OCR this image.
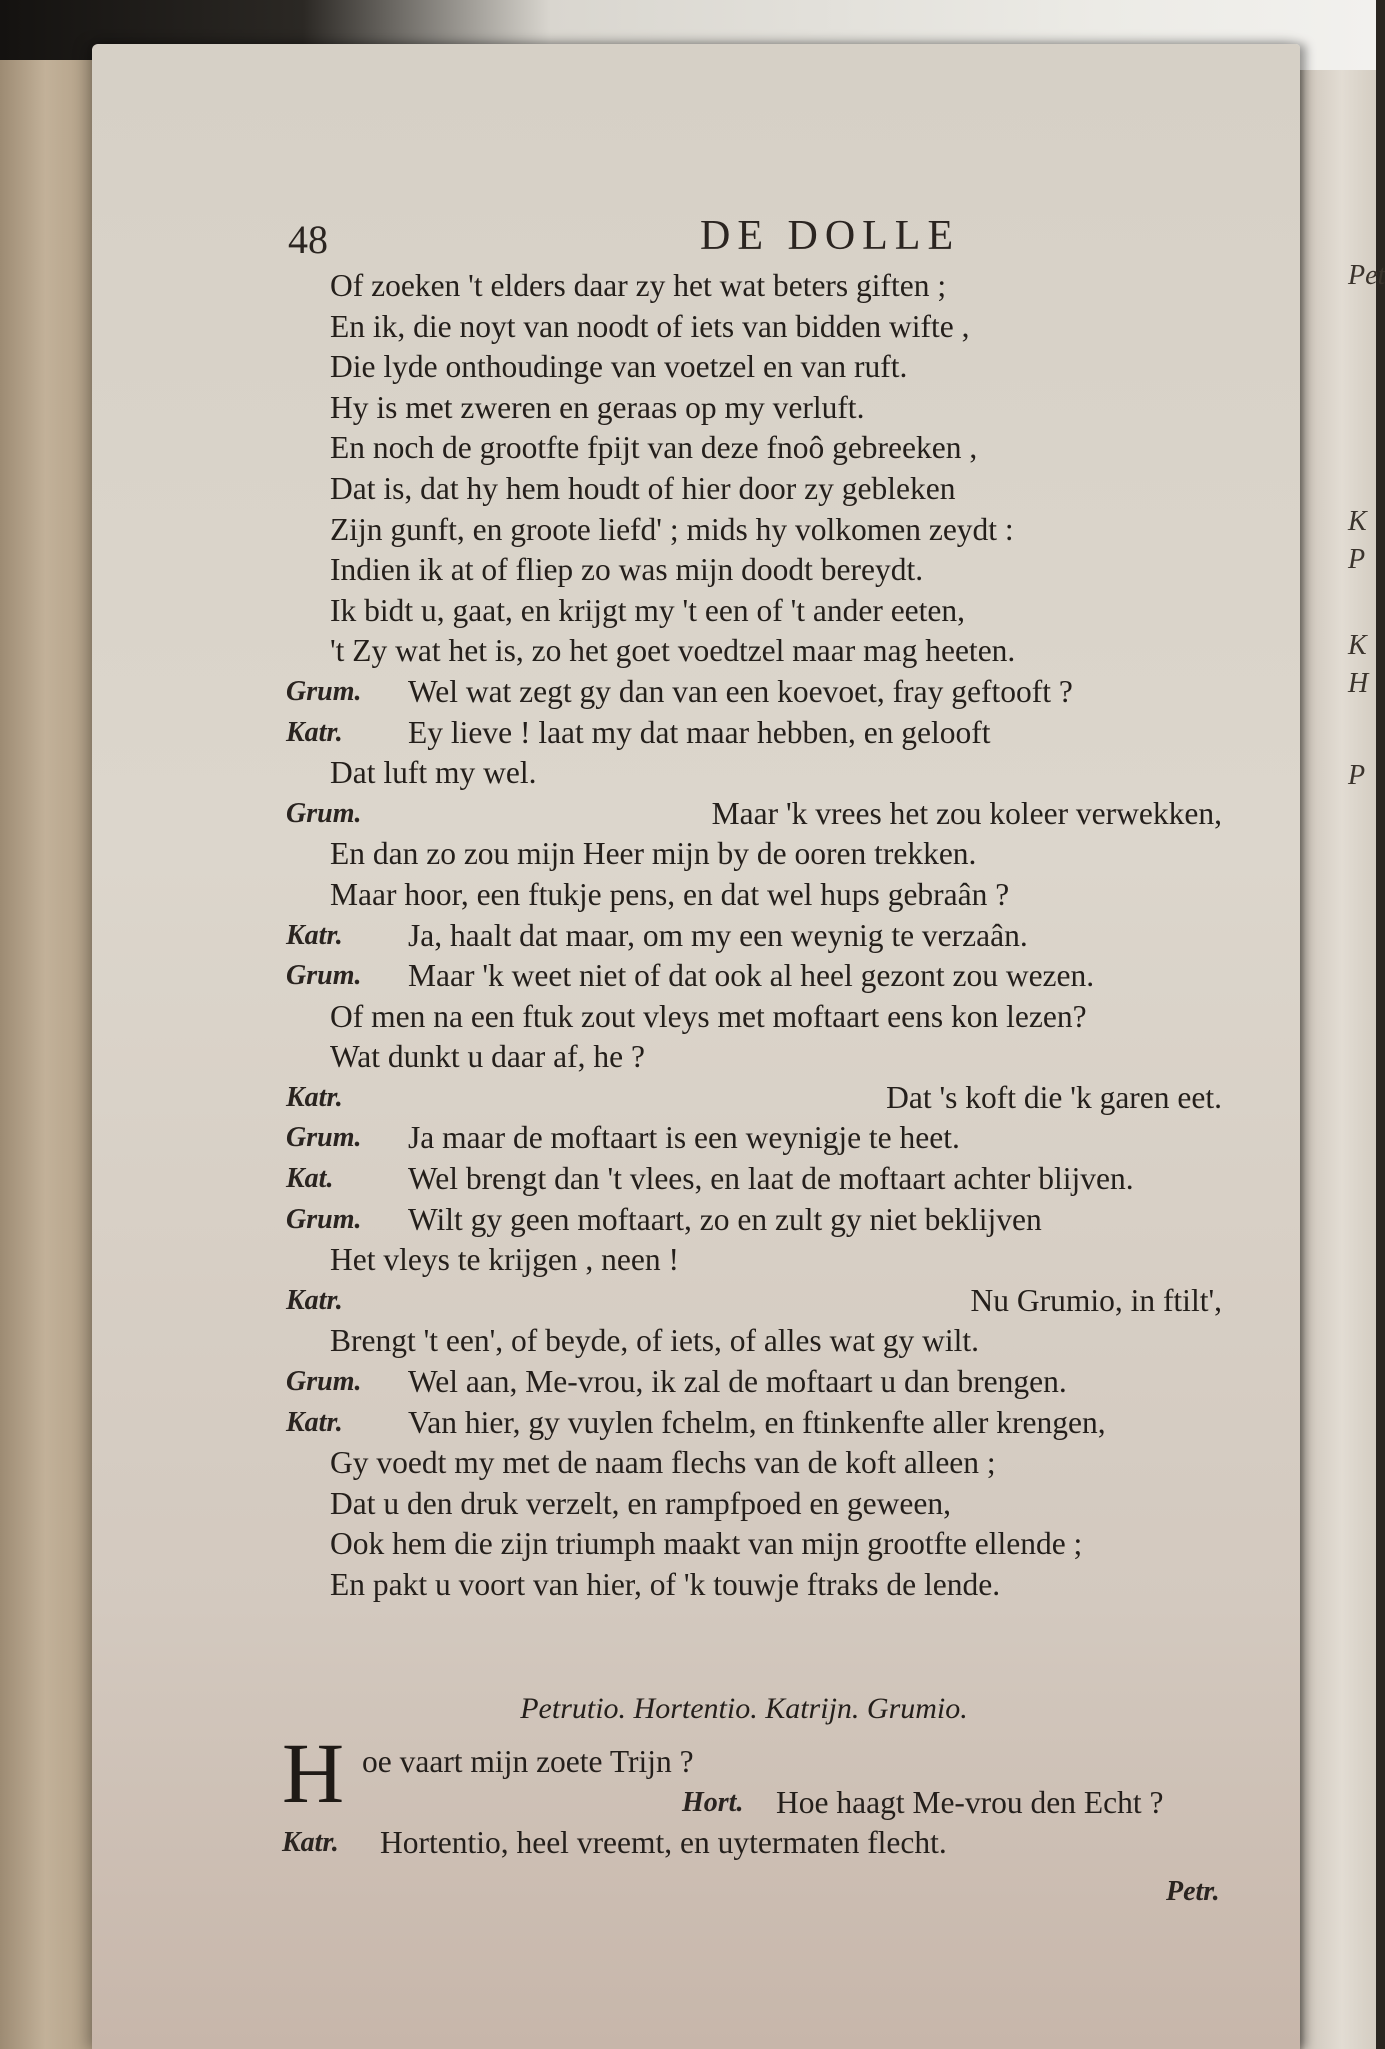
Pet
K
P
K
H
P
48	DE DOLLE
Of zoeken 't elders daar zy het wat beters giften ;
En ik, die noyt van noodt of iets van bidden wifte ,
Die lyde onthoudinge van voetzel en van ruft.
Hy is met zweren en geraas op my verluft.
En noch de grootfte fpijt van deze fnoô gebreeken ,
Dat is, dat hy hem houdt of hier door zy gebleken
Zijn gunft, en groote liefd' ; mids hy volkomen zeydt :
Indien ik at of fliep zo was mijn doodt bereydt.
Ik bidt u, gaat, en krijgt my 't een of 't ander eeten,
't Zy wat het is, zo het goet voedtzel maar mag heeten.
Grum. Wel wat zegt gy dan van een koevoet, fray geftooft ?
Katr. Ey lieve ! laat my dat maar hebben, en gelooft
Dat luft my wel.
Grum.	Maar 'k vrees het zou koleer verwekken,
En dan zo zou mijn Heer mijn by de ooren trekken.
Maar hoor, een ftukje pens, en dat wel hups gebraân ?
Katr. Ja, haalt dat maar, om my een weynig te verzaân.
Grum. Maar 'k weet niet of dat ook al heel gezont zou wezen.
Of men na een ftuk zout vleys met moftaart eens kon lezen?
Wat dunkt u daar af, he ?
Katr.	Dat 's koft die 'k garen eet.
Grum. Ja maar de moftaart is een weynigje te heet.
Kat. Wel brengt dan 't vlees, en laat de moftaart achter blijven.
Grum. Wilt gy geen moftaart, zo en zult gy niet beklijven
Het vleys te krijgen , neen !
Katr.	Nu Grumio, in ftilt',
Brengt 't een', of beyde, of iets, of alles wat gy wilt.
Grum. Wel aan, Me-vrou, ik zal de moftaart u dan brengen.
Katr. Van hier, gy vuylen fchelm, en ftinkenfte aller krengen,
Gy voedt my met de naam flechs van de koft alleen ;
Dat u den druk verzelt, en rampfpoed en geween,
Ook hem die zijn triumph maakt van mijn grootfte ellende ;
En pakt u voort van hier, of 'k touwje ftraks de lende.
Petrutio. Hortentio. Katrijn. Grumio.
H oe vaart mijn zoete Trijn ?
Hort. Hoe haagt Me-vrou den Echt ?
Katr. Hortentio, heel vreemt, en uytermaten flecht.
Petr.
